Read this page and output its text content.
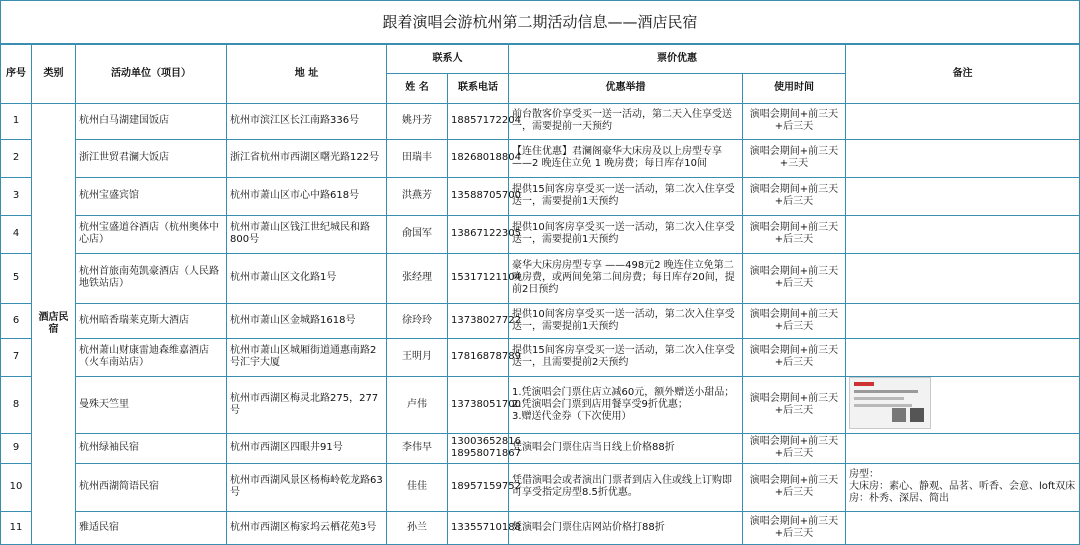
跟着演唱会游杭州第二期活动信息——酒店民宿								
序号	类别	活动单位（项目）	地 址	联系人		票价优惠		备注
				姓 名	联系电话	优惠举措	使用时间	
1	酒店民宿	杭州白马湖建国饭店	杭州市滨江区长江南路336号	姚丹芳	18857172204	前台散客价享受买一送一活动，第二天入住享受送一，需要提前一天预约	演唱会期间+前三天+后三天	
2		浙江世贸君澜大饭店	浙江省杭州市西湖区曙光路122号	田瑞丰	18268018804	【连住优惠】君澜阁豪华大床房及以上房型专享——2 晚连住立免 1 晚房费；每日库存10间	演唱会期间+前三天+三天	
3		杭州宝盛宾馆	杭州市萧山区市心中路618号	洪燕芳	13588705700	提供15间客房享受买一送一活动，第二次入住享受送一，需要提前1天预约	演唱会期间+前三天+后三天	
4		杭州宝盛道谷酒店（杭州奥体中心店）	杭州市萧山区钱江世纪城民和路800号	俞国军	13867122305	提供10间客房享受买一送一活动，第二次入住享受送一，需要提前1天预约	演唱会期间+前三天+后三天	
5		杭州首旅南苑凯豪酒店（人民路地铁站店）	杭州市萧山区文化路1号	张经理	15317121104	豪华大床房房型专享 ——498元2 晚连住立免第二晚房费，或两间免第二间房费；每日库存20间，提前2日预约	演唱会期间+前三天+后三天	
6		杭州暗香瑞莱克斯大酒店	杭州市萧山区金城路1618号	徐玲玲	13738027722	提供10间客房享受买一送一活动，第二次入住享受送一，需要提前1天预约	演唱会期间+前三天+后三天	
7		杭州萧山财康雷迪森维嘉酒店（火车南站店）	杭州市萧山区城厢街道通惠南路2号汇宇大厦	王明月	17816878789	提供15间客房享受买一送一活动，第二次入住享受送一，且需要提前2天预约	演唱会期间+前三天+后三天	
8		曼殊天竺里	杭州市西湖区梅灵北路275，277号	卢伟	13738051700	1.凭演唱会门票住店立减60元，额外赠送小甜品；
2.凭演唱会门票到店用餐享受9折优惠；
3.赠送代金券（下次使用）	演唱会期间+前三天+后三天	

9		杭州绿袖民宿	杭州市西湖区四眼井91号	李伟早	13003652816
18958071867	凭演唱会门票住店当日线上价格88折	演唱会期间+前三天+后三天	
10		杭州西湖简语民宿	杭州市西湖风景区杨梅岭乾龙路63号	佳佳	18957159752	凭借演唱会或者演出门票者到店入住或线上订购即可享受指定房型8.5折优惠。	演唱会期间+前三天+后三天	房型：
大床房：素心、静观、品茗、听香、会意、loft双床房：朴秀、深居、简出
11		雅适民宿	杭州市西湖区梅家坞云栖花苑3号	孙兰	13355710188	凭演唱会门票住店网站价格打88折	演唱会期间+前三天+后三天	
